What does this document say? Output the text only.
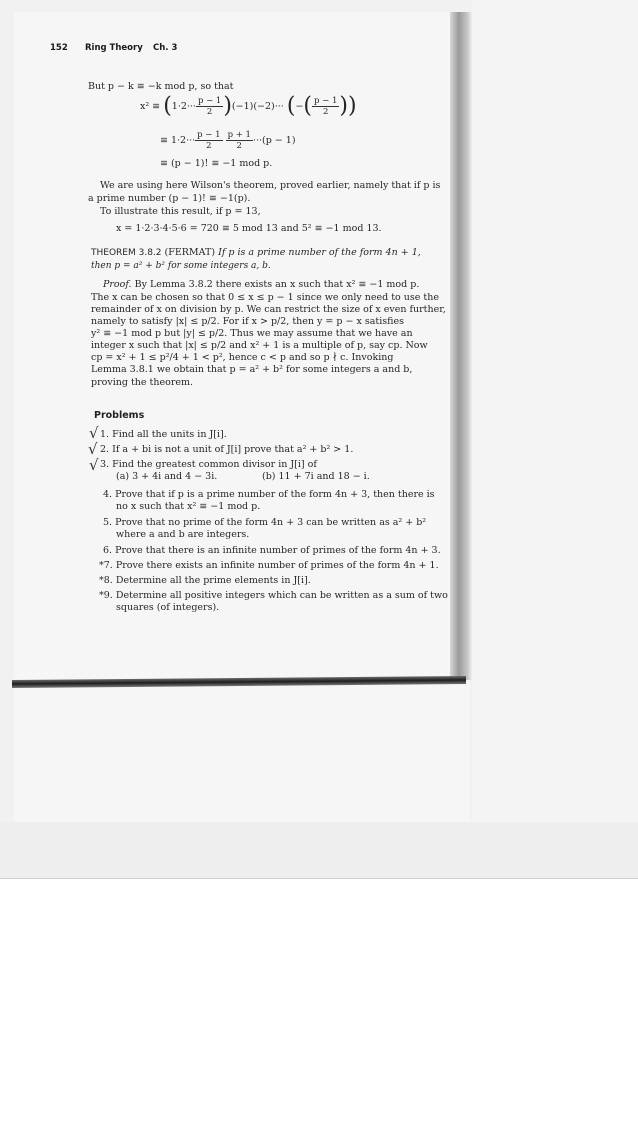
152 Ring Theory Ch. 3
But p − k ≡ −k mod p, so that
$x^2 \equiv (1\cdot 2\cdot\cdot\cdot \frac{p - 1}{2} )(-1)(-2)\cdot\cdot\cdot$ (−( $\frac{p - 1}{2}$ ))
≡ $1\cdot 2\cdot\cdot\cdot \frac{p - 1}{2}$
$\frac{p + 1}{2} \cdot\cdot\cdot(p - 1)$
≡ (p − 1)! ≡ −1 mod p.
We are using here Wilson's theorem, proved earlier, namely that if p is
a prime number (p − 1)! ≡ −1(p).
To illustrate this result, if p = 13,
x = 1·2·3·4·5·6 = 720 ≡ 5 mod 13 and 5² ≡ −1 mod 13.
THEOREM 3.8.2 (FERMAT) If p is a prime number of the form 4n + 1,
then p = a² + b² for some integers a, b.
Proof. By Lemma 3.8.2 there exists an x such that x² ≡ −1 mod p.
The x can be chosen so that 0 ≤ x ≤ p − 1 since we only need to use the
remainder of x on division by p. We can restrict the size of x even further,
namely to satisfy |x| ≤ p/2. For if x > p/2, then y = p − x satisfies
y² ≡ −1 mod p but |y| ≤ p/2. Thus we may assume that we have an
integer x such that |x| ≤ p/2 and x² + 1 is a multiple of p, say cp. Now
cp = x² + 1 ≤ p²/4 + 1 < p², hence c < p and so p ∤ c. Invoking
Lemma 3.8.1 we obtain that p = a² + b² for some integers a and b,
proving the theorem.
Problems
√
√
√
1. Find all the units in J[i].
2. If a + bi is not a unit of J[i] prove that a² + b² > 1.
3. Find the greatest common divisor in J[i] of
(a) 3 + 4i and 4 − 3i.	(b) 11 + 7i and 18 − i.
4. Prove that if p is a prime number of the form 4n + 3, then there is
no x such that x² ≡ −1 mod p.
5. Prove that no prime of the form 4n + 3 can be written as a² + b²
where a and b are integers.
6. Prove that there is an infinite number of primes of the form 4n + 3.
*7. Prove there exists an infinite number of primes of the form 4n + 1.
*8. Determine all the prime elements in J[i].
*9. Determine all positive integers which can be written as a sum of two
squares (of integers).
